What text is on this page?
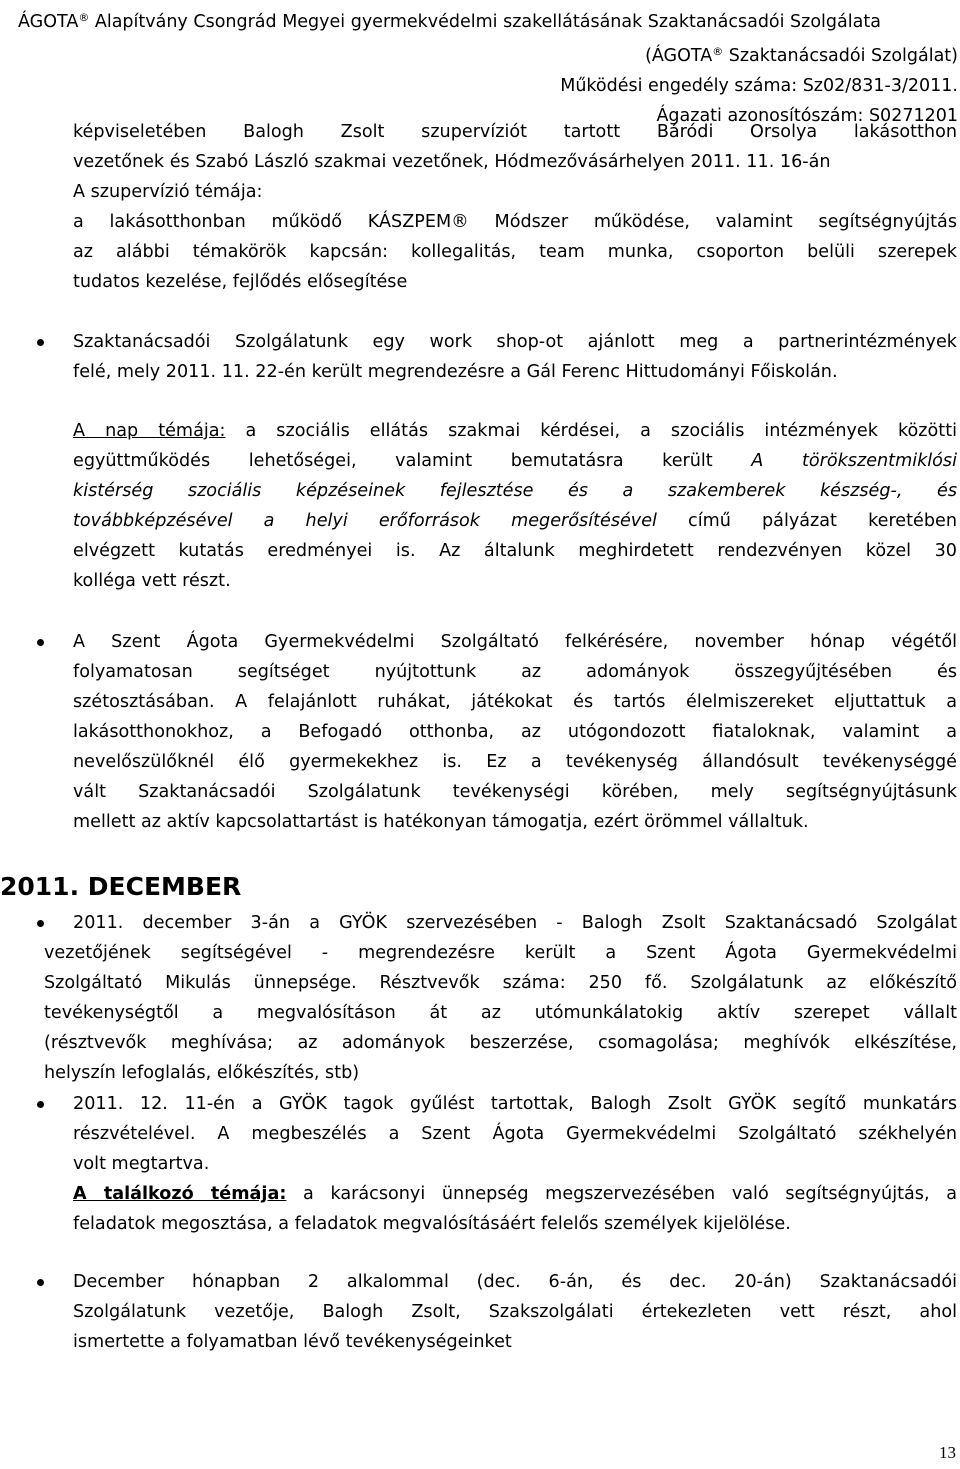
ÁGOTA® Alapítvány Csongrád Megyei gyermekvédelmi szakellátásának Szaktanácsadói Szolgálata
(ÁGOTA® Szaktanácsadói Szolgálat)
Működési engedély száma: Sz02/831-3/2011.
Ágazati azonosítószám: S0271201
képviseletében Balogh Zsolt szupervíziót tartott Báródi Orsolya lakásotthon
vezetőnek és Szabó László szakmai vezetőnek, Hódmezővásárhelyen 2011. 11. 16-án
A szupervízió témája:
a lakásotthonban működő KÁSZPEM® Módszer működése, valamint segítségnyújtás
az alábbi témakörök kapcsán: kollegalitás, team munka, csoporton belüli szerepek
tudatos kezelése, fejlődés elősegítése
Szaktanácsadói Szolgálatunk egy work shop-ot ajánlott meg a partnerintézmények
felé, mely 2011. 11. 22-én került megrendezésre a Gál Ferenc Hittudományi Főiskolán.
A nap témája: a szociális ellátás szakmai kérdései, a szociális intézmények közötti
együttműködés lehetőségei, valamint bemutatásra került A törökszentmiklósi
kistérség szociális képzéseinek fejlesztése és a szakemberek készség-, és
továbbképzésével a helyi erőforrások megerősítésével című pályázat keretében
elvégzett kutatás eredményei is. Az általunk meghirdetett rendezvényen közel 30
kolléga vett részt.
A Szent Ágota Gyermekvédelmi Szolgáltató felkérésére, november hónap végétől
folyamatosan segítséget nyújtottunk az adományok összegyűjtésében és
szétosztásában. A felajánlott ruhákat, játékokat és tartós élelmiszereket eljuttattuk a
lakásotthonokhoz, a Befogadó otthonba, az utógondozott fiataloknak, valamint a
nevelőszülőknél élő gyermekekhez is. Ez a tevékenység állandósult tevékenységgé
vált Szaktanácsadói Szolgálatunk tevékenységi körében, mely segítségnyújtásunk
mellett az aktív kapcsolattartást is hatékonyan támogatja, ezért örömmel vállaltuk.
2011. DECEMBER
2011. december 3-án a GYÖK szervezésében - Balogh Zsolt Szaktanácsadó Szolgálat
vezetőjének segítségével - megrendezésre került a Szent Ágota Gyermekvédelmi
Szolgáltató Mikulás ünnepsége. Résztvevők száma: 250 fő. Szolgálatunk az előkészítő
tevékenységtől a megvalósításon át az utómunkálatokig aktív szerepet vállalt
(résztvevők meghívása; az adományok beszerzése, csomagolása; meghívók elkészítése,
helyszín lefoglalás, előkészítés, stb)
2011. 12. 11-én a GYÖK tagok gyűlést tartottak, Balogh Zsolt GYÖK segítő munkatárs
részvételével. A megbeszélés a Szent Ágota Gyermekvédelmi Szolgáltató székhelyén
volt megtartva.
A találkozó témája: a karácsonyi ünnepség megszervezésében való segítségnyújtás, a
feladatok megosztása, a feladatok megvalósításáért felelős személyek kijelölése.
December hónapban 2 alkalommal (dec. 6-án, és dec. 20-án) Szaktanácsadói
Szolgálatunk vezetője, Balogh Zsolt, Szakszolgálati értekezleten vett részt, ahol
ismertette a folyamatban lévő tevékenységeinket
13
